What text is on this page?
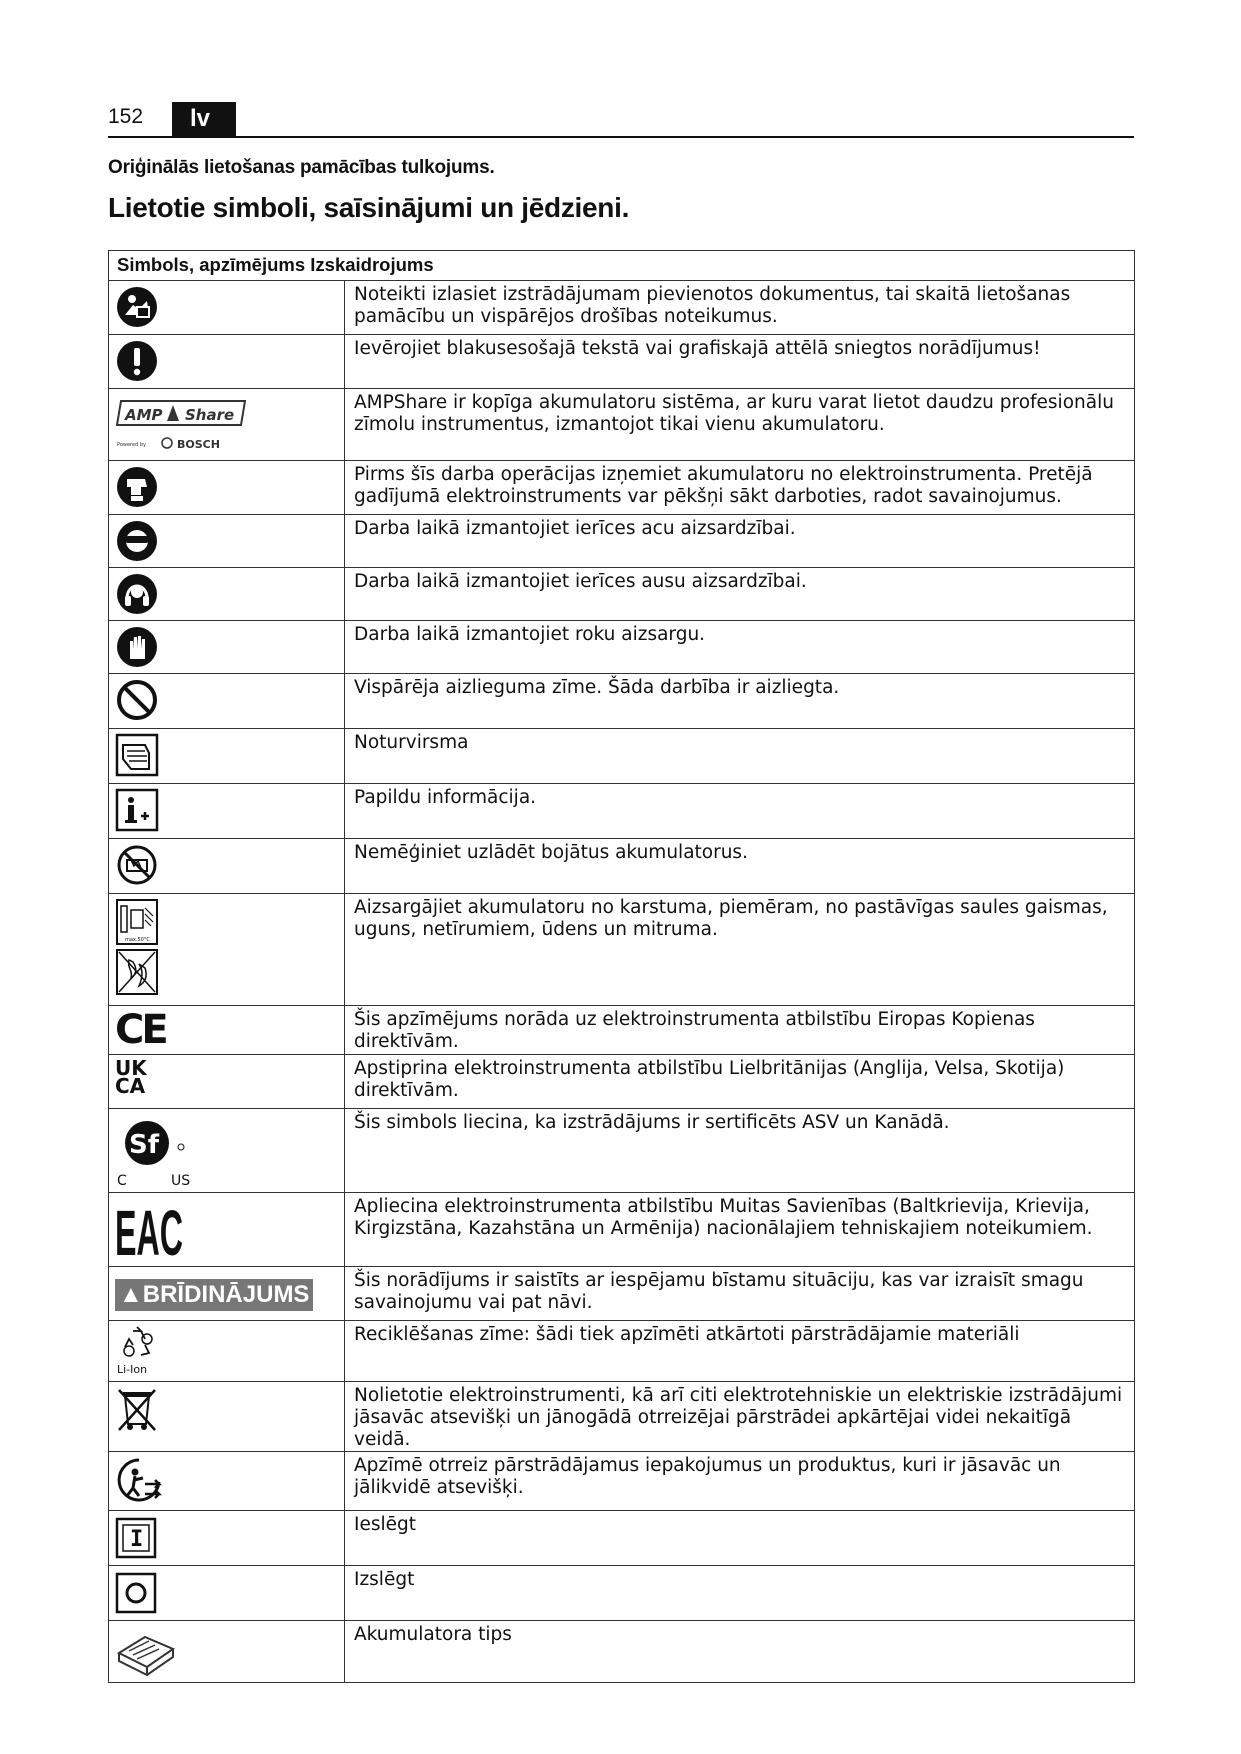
152	lv
Oriģinālās lietošanas pamācības tulkojums.
Lietotie simboli, saīsinājumi un jēdzieni.
Simbols, apzīmējums Izskaidrojums	

	Noteikti izlasiet izstrādājumam pievienotos dokumentus, tai skaitā lietošanas pamācību un vispārējos drošības noteikumus.

	Ievērojiet blakusesošajā tekstā vai grafiskajā attēlā sniegtos norādījumus!

AMP Share
Powered by BOSCH	AMPShare ir kopīga akumulatoru sistēma, ar kuru varat lietot daudzu profesionālu zīmolu instrumentus, izmantojot tikai vienu akumulatoru.

	Pirms šīs darba operācijas izņemiet akumulatoru no elektroinstrumenta. Pretējā gadījumā elektroinstruments var pēkšņi sākt darboties, radot savainojumus.

	Darba laikā izmantojiet ierīces acu aizsardzībai.

	Darba laikā izmantojiet ierīces ausu aizsardzībai.

	Darba laikā izmantojiet roku aizsargu.

	Vispārēja aizlieguma zīme. Šāda darbība ir aizliegta.

	Noturvirsma

	Papildu informācija.

	Nemēģiniet uzlādēt bojātus akumulatorus.

max.50°C	Aizsargājiet akumulatoru no karstuma, piemēram, no pastāvīgas saules gaismas, uguns, netīrumiem, ūdens un mitruma.

CE	Šis apzīmējums norāda uz elektroinstrumenta atbilstību Eiropas Kopienas direktīvām.

UK
CA	Apstiprina elektroinstrumenta atbilstību Lielbritānijas (Anglija, Velsa, Skotija) direktīvām.

Sf
C US	Šis simbols liecina, ka izstrādājums ir sertificēts ASV un Kanādā.

EAC	Apliecina elektroinstrumenta atbilstību Muitas Savienības (Baltkrievija, Krievija, Kirgizstāna, Kazahstāna un Armēnija) nacionālajiem tehniskajiem noteikumiem.
▲BRĪDINĀJUMS	Šis norādījums ir saistīts ar iespējamu bīstamu situāciju, kas var izraisīt smagu savainojumu vai pat nāvi.

Li-Ion	Reciklēšanas zīme: šādi tiek apzīmēti atkārtoti pārstrādājamie materiāli

	Nolietotie elektroinstrumenti, kā arī citi elektrotehniskie un elektriskie izstrādājumi jāsavāc atsevišķi un jānogādā otrreizējai pārstrādei apkārtējai videi nekaitīgā veidā.

	Apzīmē otrreiz pārstrādājamus iepakojumus un produktus, kuri ir jāsavāc un jālikvidē atsevišķi.

I	Ieslēgt

O	Izslēgt

	Akumulatora tips
